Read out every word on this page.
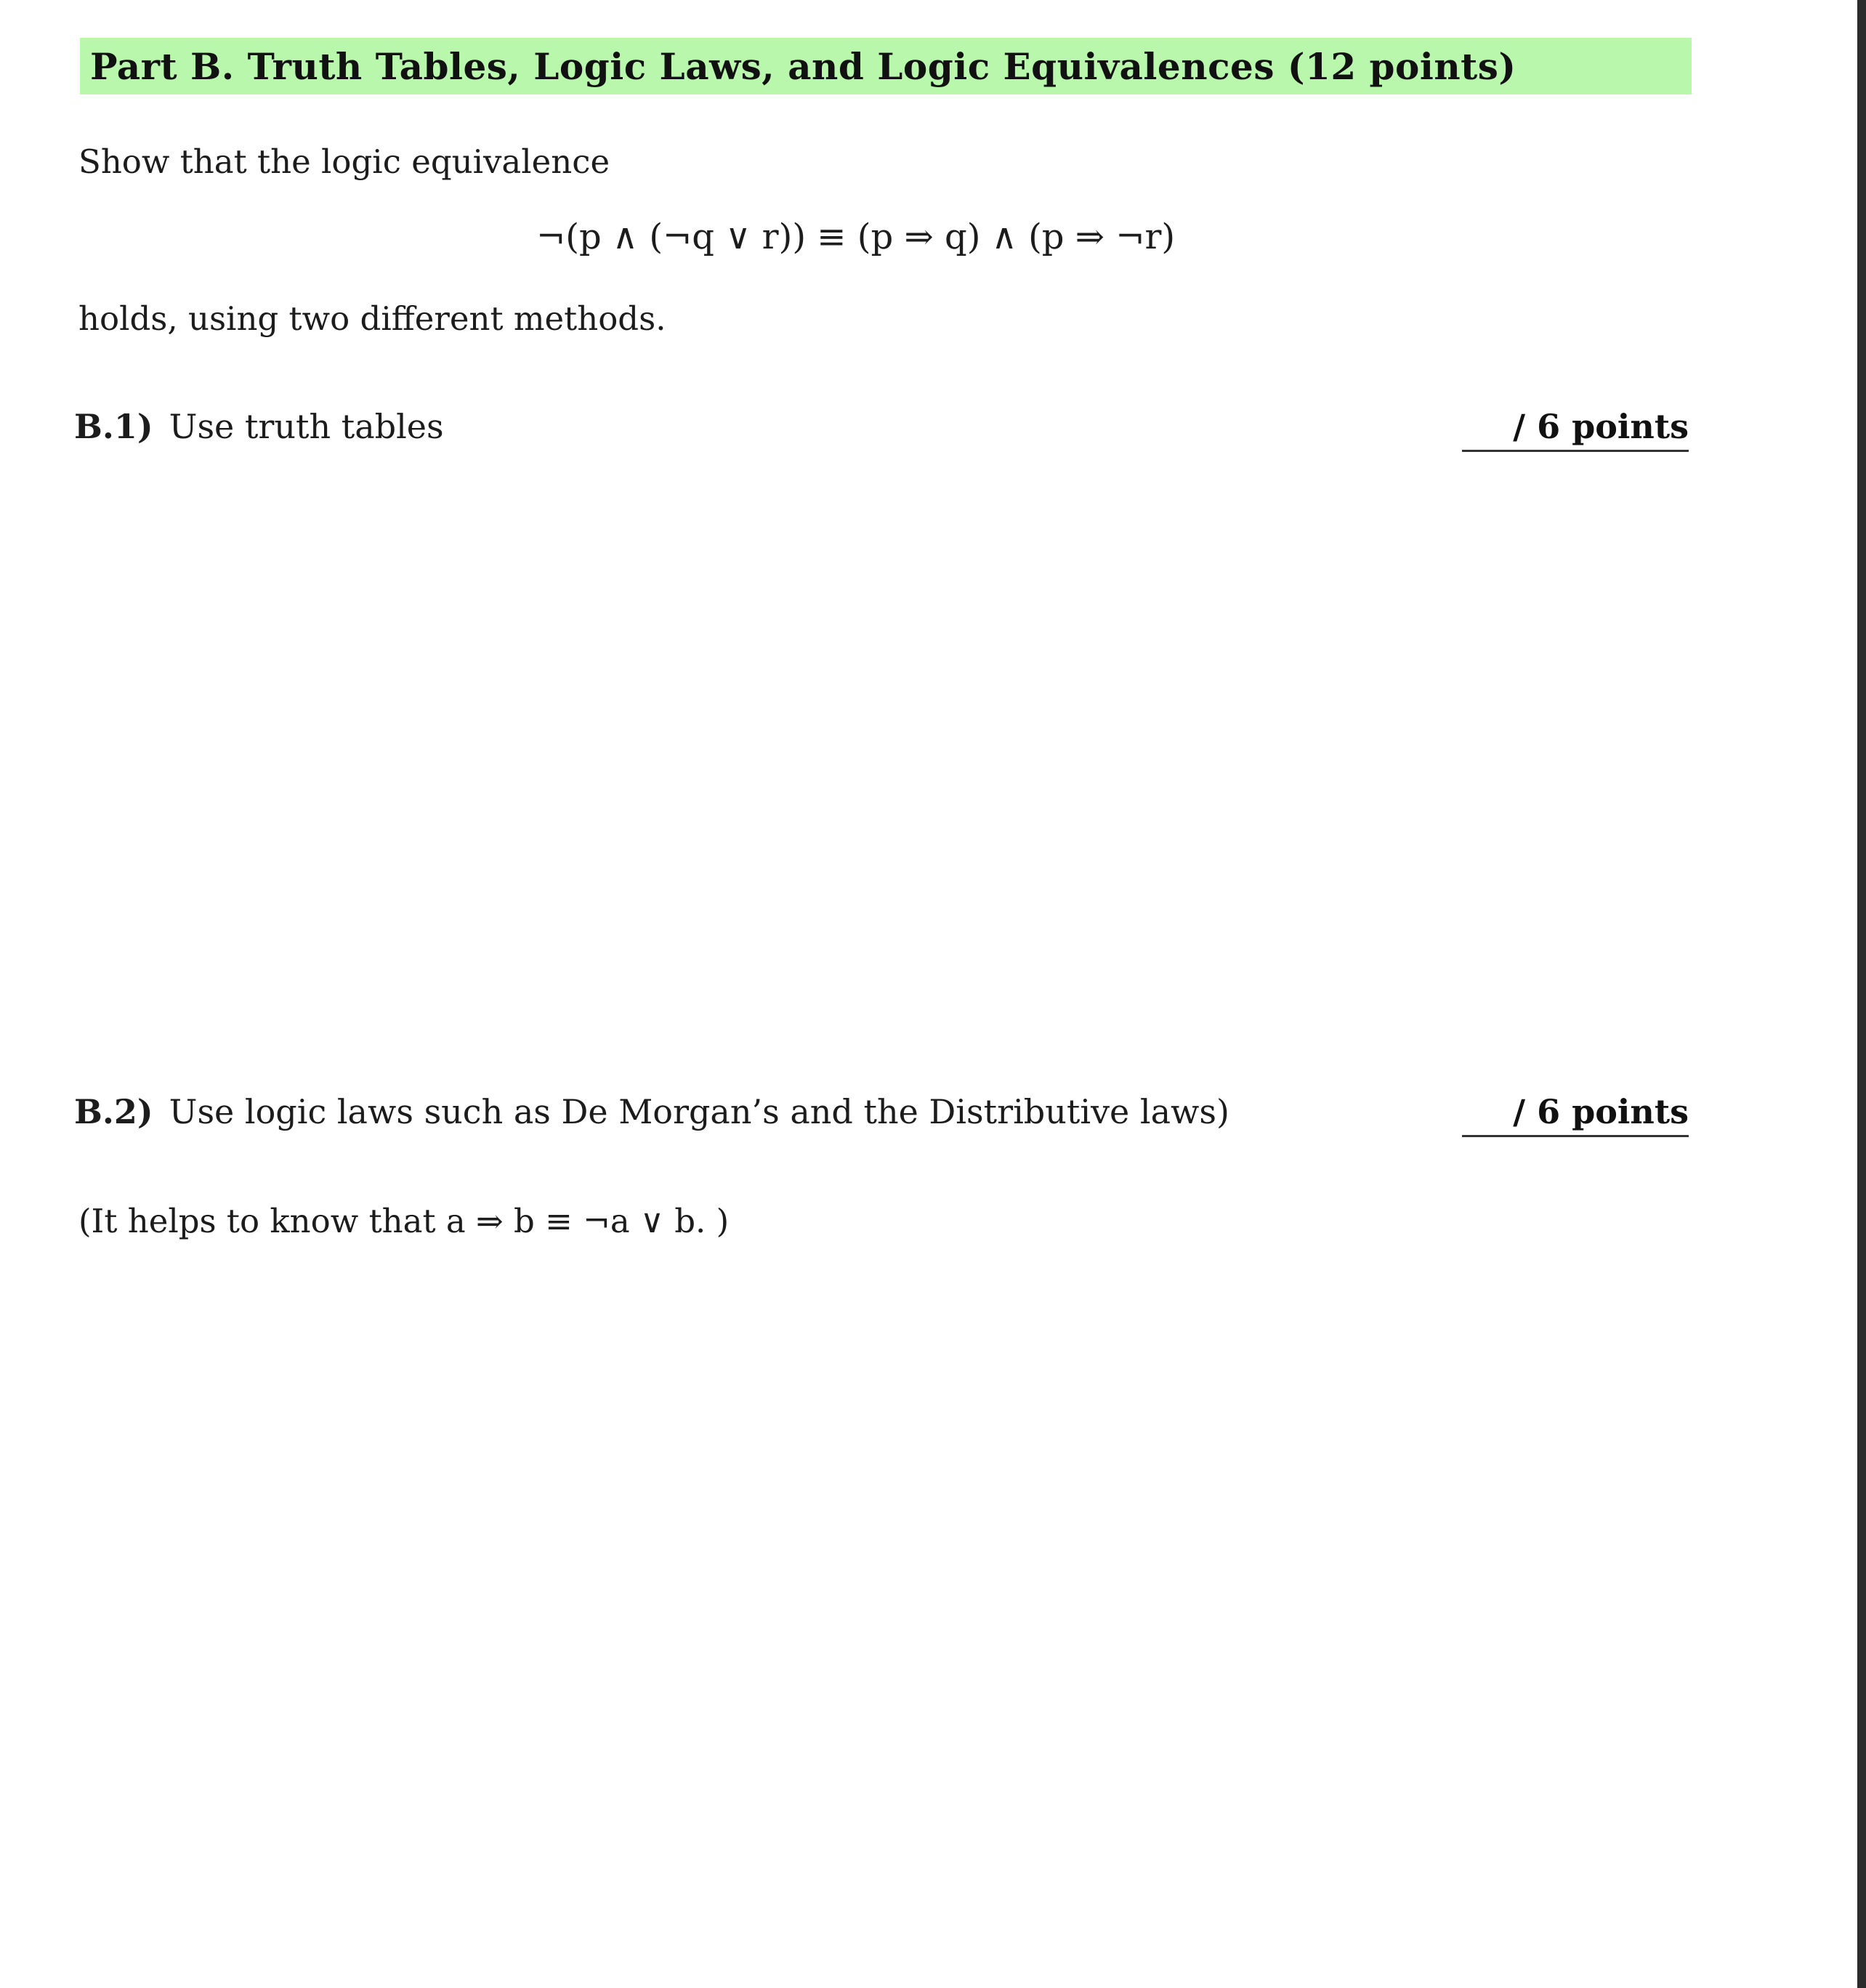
Part B. Truth Tables, Logic Laws, and Logic Equivalences (12 points)
Show that the logic equivalence
¬(p ∧ (¬q ∨ r)) ≡ (p ⇒ q) ∧ (p ⇒ ¬r)
holds, using two different methods.
B.1) Use truth tables	/ 6 points
B.2) Use logic laws such as De Morgan’s and the Distributive laws)	/ 6 points
(It helps to know that a ⇒ b ≡ ¬a ∨ b. )
